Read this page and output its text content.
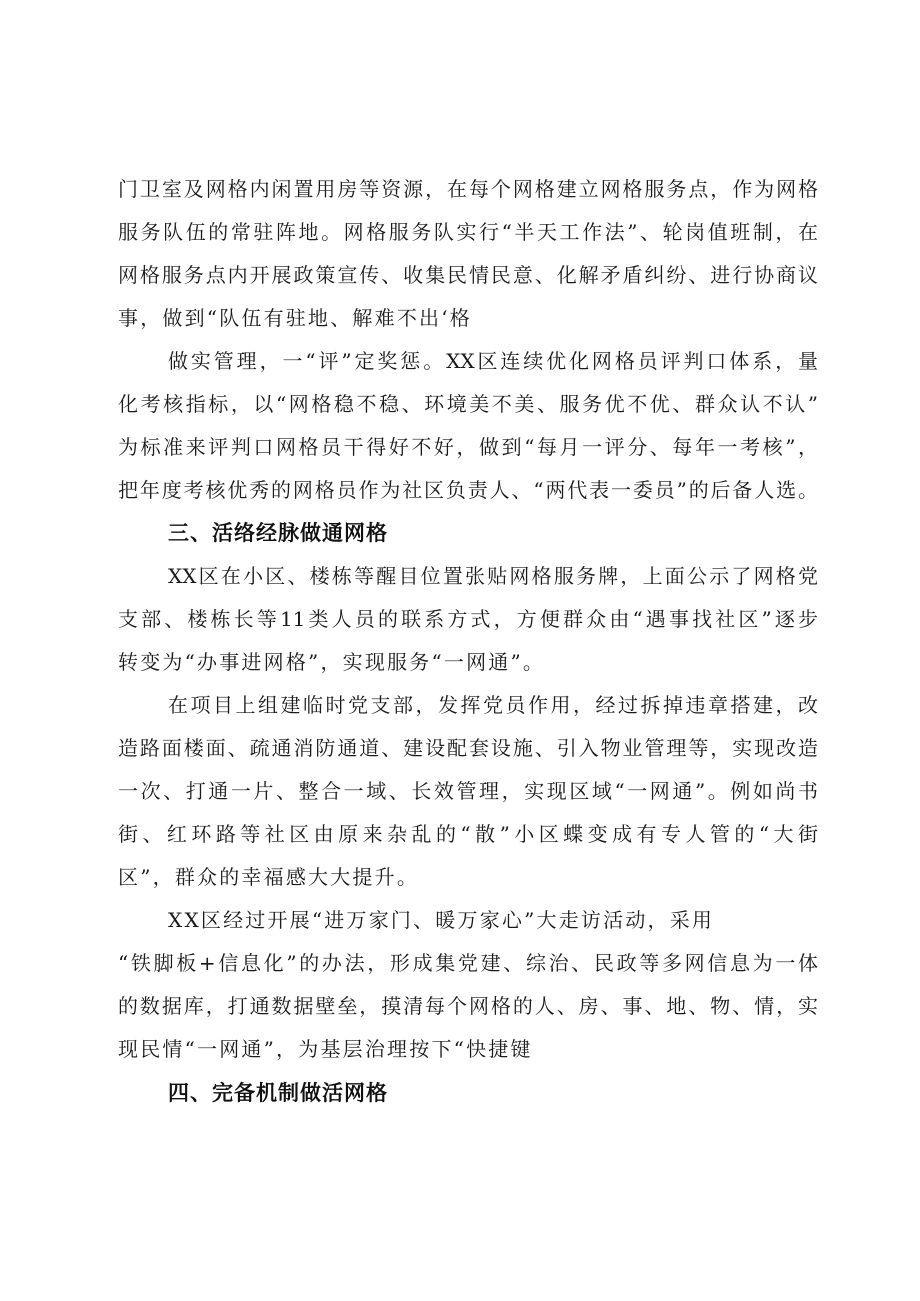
门卫室及网格内闲置用房等资源，在每个网格建立网格服务点，作为网格

服务队伍的常驻阵地。网格服务队实行“半天工作法”、轮岗值班制，在

网格服务点内开展政策宣传、收集民情民意、化解矛盾纠纷、进行协商议

事，做到“队伍有驻地、解难不出‘格

做实管理，一“评”定奖惩。XX区连续优化网格员评判口体系，量

化考核指标，以“网格稳不稳、环境美不美、服务优不优、群众认不认”

为标准来评判口网格员干得好不好，做到“每月一评分、每年一考核”，

把年度考核优秀的网格员作为社区负责人、“两代表一委员”的后备人选。

三、活络经脉做通网格

XX区在小区、楼栋等醒目位置张贴网格服务牌，上面公示了网格党

支部、楼栋长等11类人员的联系方式，方便群众由“遇事找社区”逐步

转变为“办事进网格”，实现服务“一网通”。

在项目上组建临时党支部，发挥党员作用，经过拆掉违章搭建，改

造路面楼面、疏通消防通道、建设配套设施、引入物业管理等，实现改造

一次、打通一片、整合一域、长效管理，实现区域“一网通”。例如尚书

街、红环路等社区由原来杂乱的“散”小区蝶变成有专人管的“大街

区”，群众的幸福感大大提升。

XX区经过开展“进万家门、暖万家心”大走访活动，采用

“铁脚板+信息化”的办法，形成集党建、综治、民政等多网信息为一体

的数据库，打通数据壁垒，摸清每个网格的人、房、事、地、物、情，实

现民情“一网通”，为基层治理按下“快捷键

四、完备机制做活网格
